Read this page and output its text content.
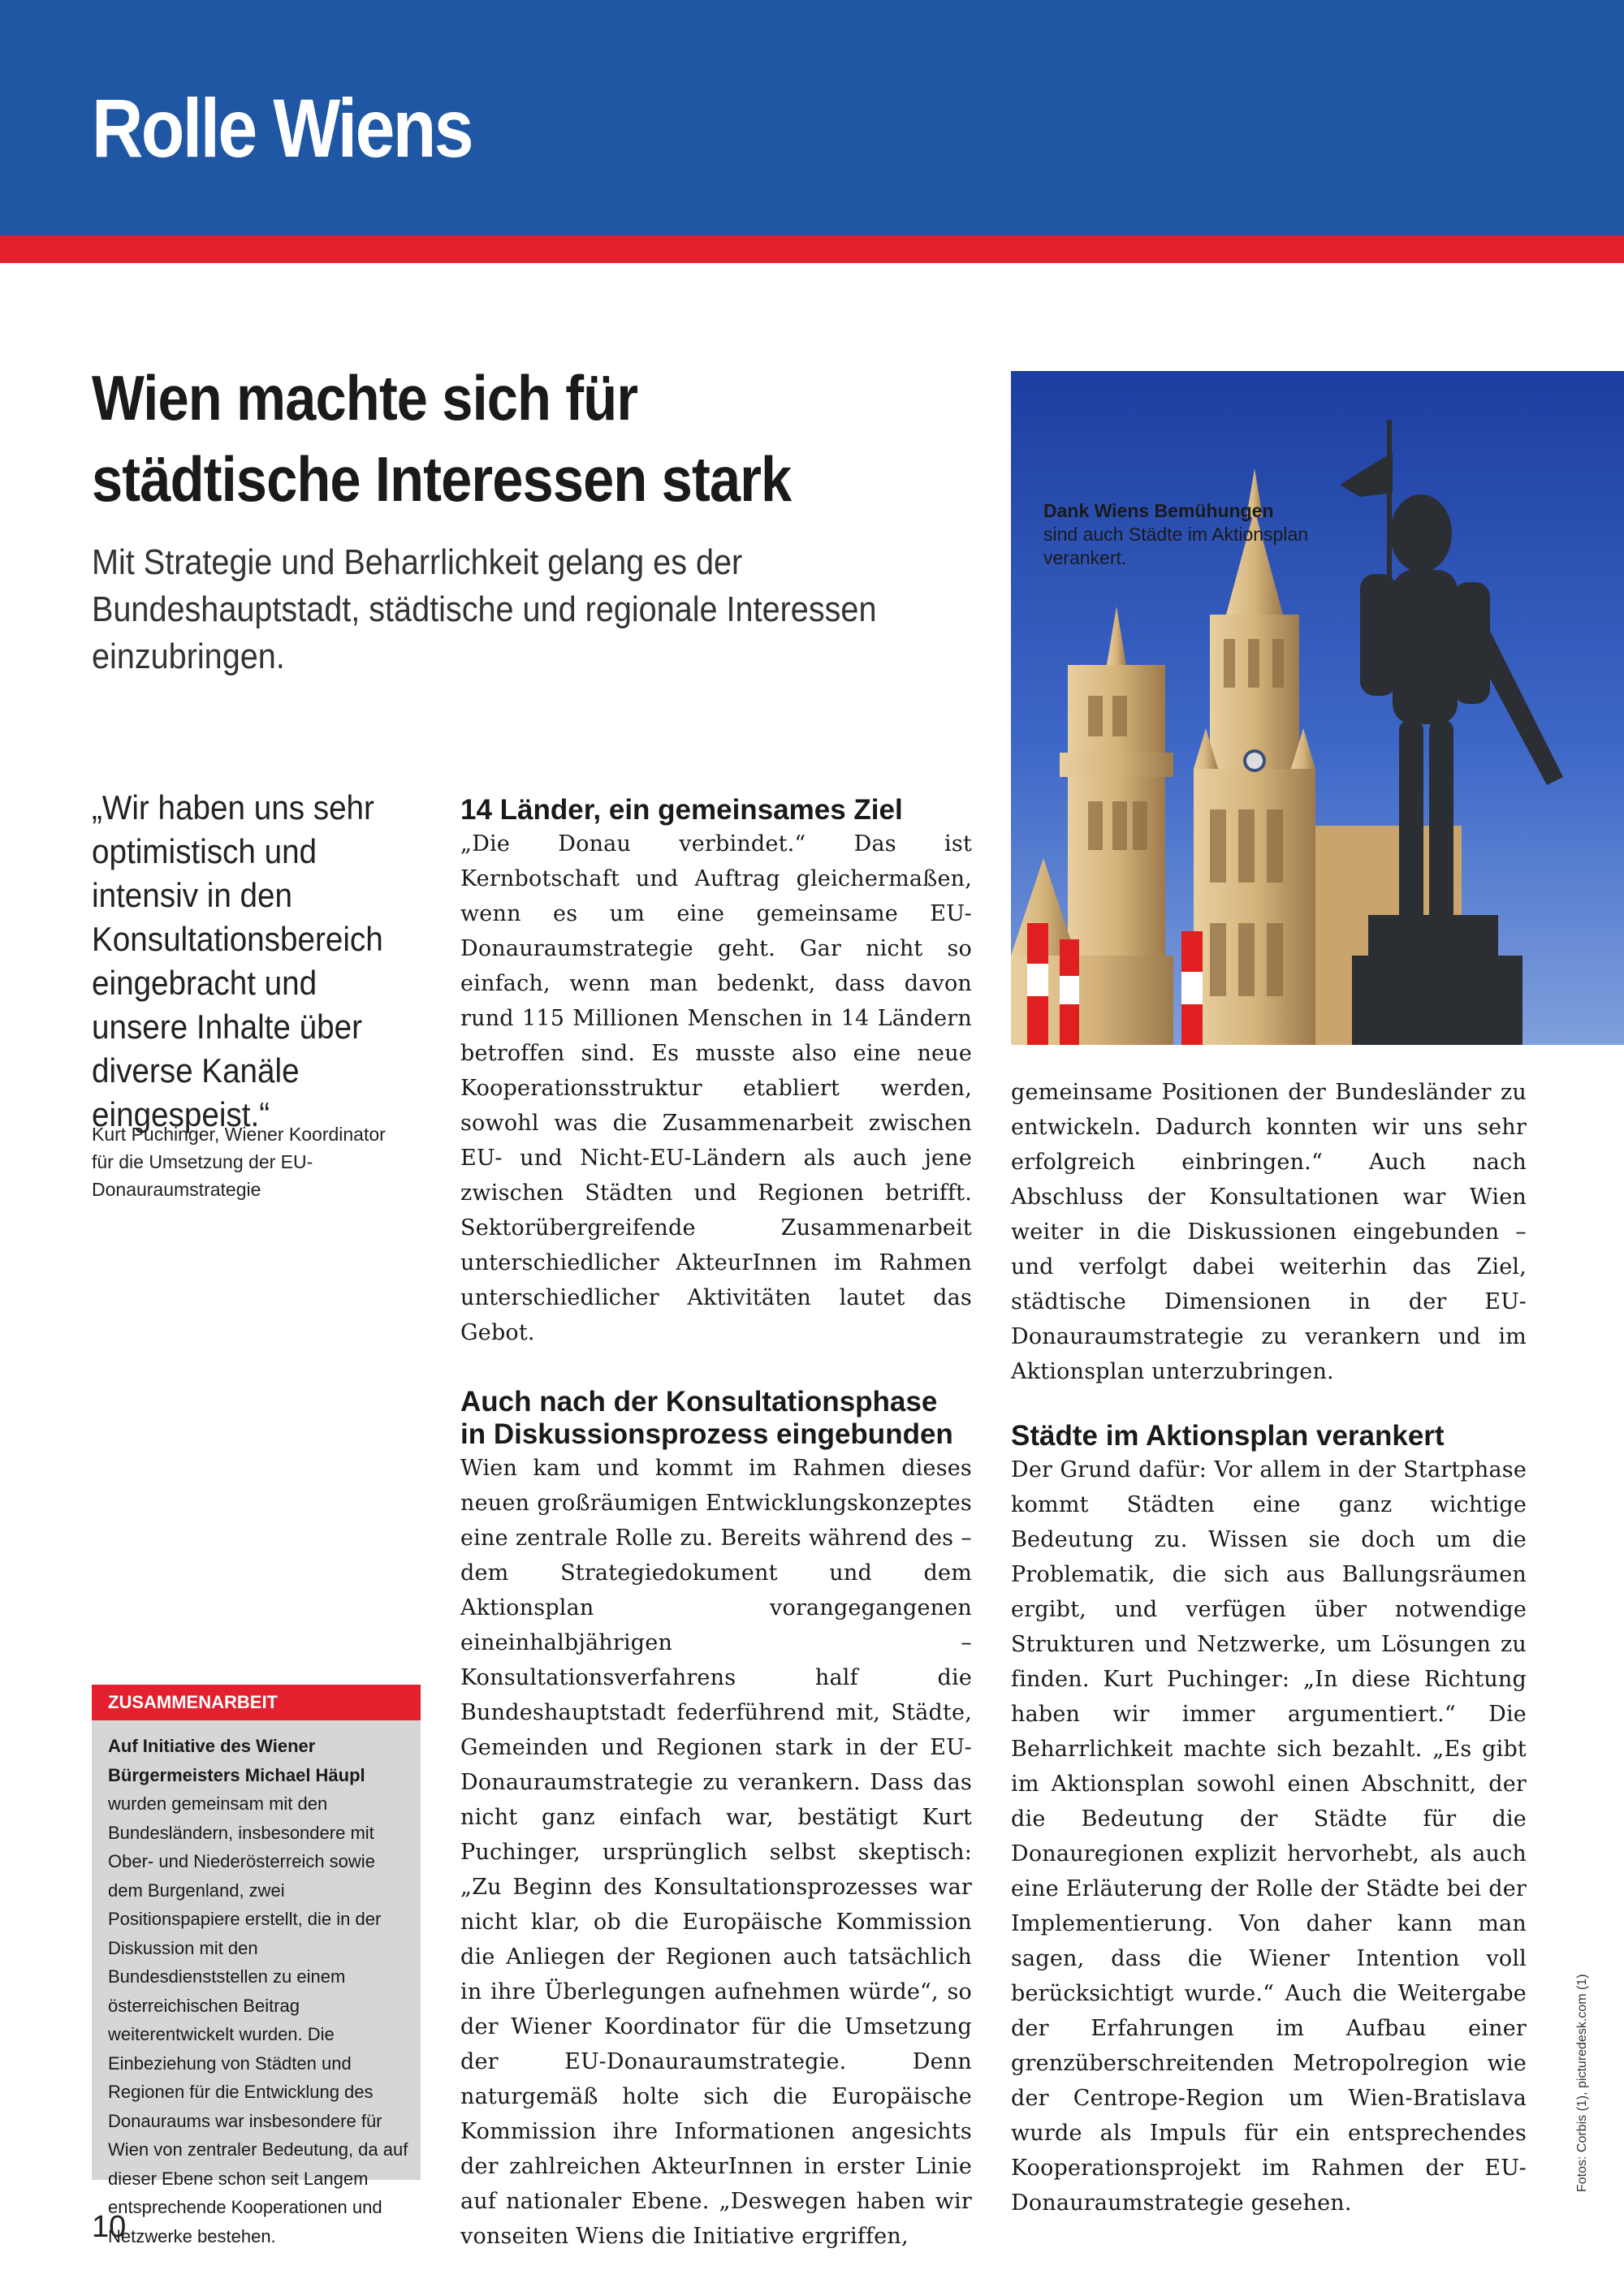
Rolle Wiens
Wien machte sich für
städtische Interessen stark

Mit Strategie und Beharrlichkeit gelang es der Bundeshauptstadt, städtische und regionale Interessen einzubringen.

Dank Wiens Bemühungen
sind auch Städte im Aktionsplan verankert.

„Wir haben uns sehr optimistisch und intensiv in den Konsultationsbereich eingebracht und unsere Inhalte über diverse Kanäle eingespeist.“

Kurt Puchinger, Wiener Koordinator für die Umsetzung der EU-Donauraumstrategie

ZUSAMMENARBEIT

Auf Initiative des Wiener Bürgermeisters Michael Häupl wurden gemeinsam mit den Bundesländern, insbesondere mit Ober- und Niederösterreich sowie dem Burgenland, zwei Positionspapiere erstellt, die in der Diskussion mit den Bundesdienststellen zu einem österreichischen Beitrag weiterentwickelt wurden. Die Einbeziehung von Städten und Regionen für die Entwicklung des Donauraums war insbesondere für Wien von zentraler Bedeutung, da auf dieser Ebene schon seit Langem entsprechende Kooperationen und Netzwerke bestehen.

14 Länder, ein gemeinsames Ziel

„Die Donau verbindet.“ Das ist Kernbotschaft und Auftrag gleichermaßen, wenn es um eine gemeinsame EU-Donauraumstrategie geht. Gar nicht so einfach, wenn man bedenkt, dass davon rund 115 Millionen Menschen in 14 Ländern betroffen sind. Es musste also eine neue Kooperationsstruktur etabliert werden, sowohl was die Zusammenarbeit zwischen EU- und Nicht-EU-Ländern als auch jene zwischen Städten und Regionen betrifft. Sektorübergreifende Zusammenarbeit unterschiedlicher AkteurInnen im Rahmen unterschiedlicher Aktivitäten lautet das Gebot.

Auch nach der Konsultationsphase
in Diskussionsprozess eingebunden

Wien kam und kommt im Rahmen dieses neuen großräumigen Entwicklungskonzeptes eine zentrale Rolle zu. Bereits während des – dem Strategiedokument und dem Aktionsplan vorangegangenen eineinhalbjährigen – Konsultationsverfahrens half die Bundeshauptstadt federführend mit, Städte, Gemeinden und Regionen stark in der EU-Donauraumstrategie zu verankern. Dass das nicht ganz einfach war, bestätigt Kurt Puchinger, ursprünglich selbst skeptisch: „Zu Beginn des Konsultationsprozesses war nicht klar, ob die Europäische Kommission die Anliegen der Regionen auch tatsächlich in ihre Überlegungen aufnehmen würde“, so der Wiener Koordinator für die Umsetzung der EU-Donauraumstrategie. Denn naturgemäß holte sich die Europäische Kommission ihre Informationen angesichts der zahlreichen AkteurInnen in erster Linie auf nationaler Ebene. „Deswegen haben wir vonseiten Wiens die Initiative ergriffen,

gemeinsame Positionen der Bundesländer zu entwickeln. Dadurch konnten wir uns sehr erfolgreich einbringen.“ Auch nach Abschluss der Konsultationen war Wien weiter in die Diskussionen eingebunden – und verfolgt dabei weiterhin das Ziel, städtische Dimensionen in der EU-Donauraumstrategie zu verankern und im Aktionsplan unterzubringen.

Städte im Aktionsplan verankert

Der Grund dafür: Vor allem in der Startphase kommt Städten eine ganz wichtige Bedeutung zu. Wissen sie doch um die Problematik, die sich aus Ballungsräumen ergibt, und verfügen über notwendige Strukturen und Netzwerke, um Lösungen zu finden. Kurt Puchinger: „In diese Richtung haben wir immer argumentiert.“ Die Beharrlichkeit machte sich bezahlt. „Es gibt im Aktionsplan sowohl einen Abschnitt, der die Bedeutung der Städte für die Donauregionen explizit hervorhebt, als auch eine Erläuterung der Rolle der Städte bei der Implementierung. Von daher kann man sagen, dass die Wiener Intention voll berücksichtigt wurde.“ Auch die Weitergabe der Erfahrungen im Aufbau einer grenzüberschreitenden Metropolregion wie der Centrope-Region um Wien-Bratislava wurde als Impuls für ein entsprechendes Kooperationsprojekt im Rahmen der EU-Donauraumstrategie gesehen.

10
Fotos: Corbis (1), picturedesk.com (1)
